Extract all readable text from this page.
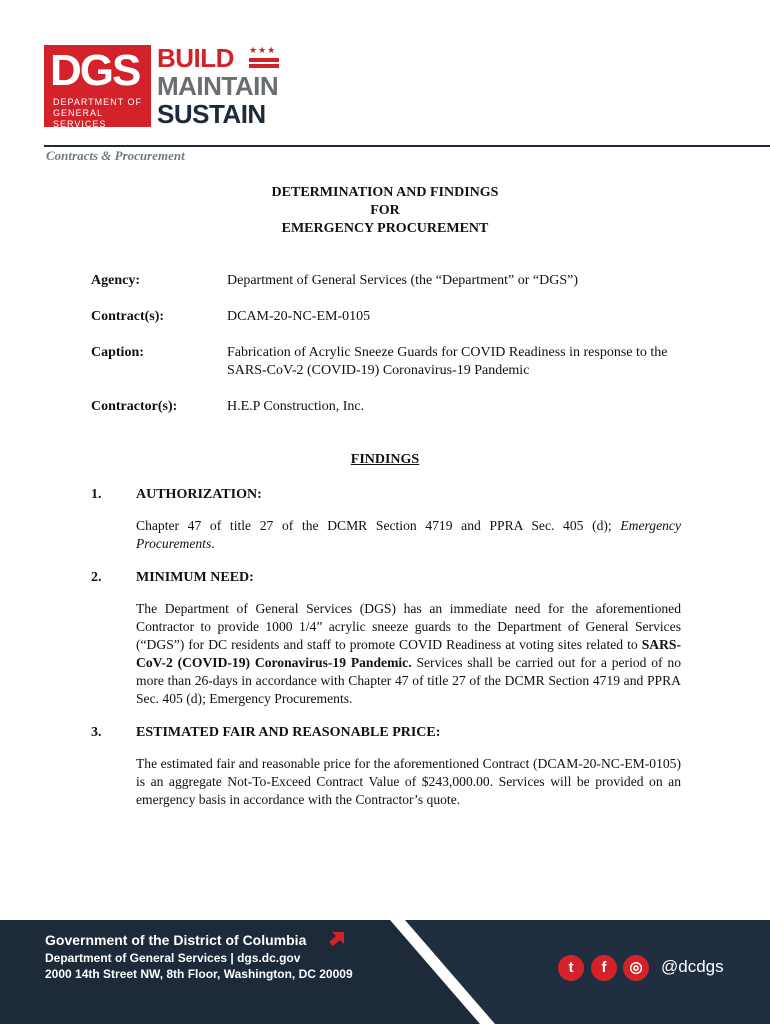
DGS
DEPARTMENT OF
GENERAL SERVICES
BUILD
MAINTAIN
SUSTAIN
★★★
Contracts & Procurement
DETERMINATION AND FINDINGS
FOR
EMERGENCY PROCUREMENT
Agency:	Department of General Services (the “Department” or “DGS”)
Contract(s):	DCAM-20-NC-EM-0105
Caption:	Fabrication of Acrylic Sneeze Guards for COVID Readiness in response to the SARS-CoV-2 (COVID-19) Coronavirus-19 Pandemic
Contractor(s):	H.E.P Construction, Inc.
FINDINGS
1. AUTHORIZATION:
Chapter 47 of title 27 of the DCMR Section 4719 and PPRA Sec. 405 (d); Emergency Procurements.
2. MINIMUM NEED:
The Department of General Services (DGS) has an immediate need for the aforementioned Contractor to provide 1000 1/4” acrylic sneeze guards to the Department of General Services (“DGS”) for DC residents and staff to promote COVID Readiness at voting sites related to SARS-CoV-2 (COVID-19) Coronavirus-19 Pandemic. Services shall be carried out for a period of no more than 26-days in accordance with Chapter 47 of title 27 of the DCMR Section 4719 and PPRA Sec. 405 (d); Emergency Procurements.
3. ESTIMATED FAIR AND REASONABLE PRICE:
The estimated fair and reasonable price for the aforementioned Contract (DCAM-20-NC-EM-0105) is an aggregate Not-To-Exceed Contract Value of $243,000.00. Services will be provided on an emergency basis in accordance with the Contractor’s quote.
Government of the District of Columbia
Department of General Services | dgs.dc.gov
2000 14th Street NW, 8th Floor, Washington, DC 20009	t	f	◎	@dcdgs
